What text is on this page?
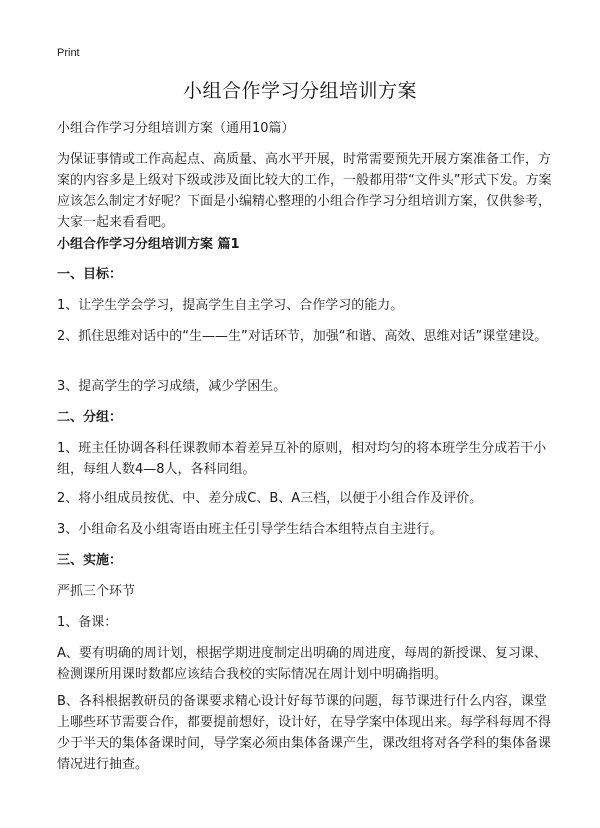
Print
小组合作学习分组培训方案

小组合作学习分组培训方案（通用10篇）

为保证事情或工作高起点、高质量、高水平开展，时常需要预先开展方案准备工作，方案的内容多是上级对下级或涉及面比较大的工作，一般都用带“文件头”形式下发。方案应该怎么制定才好呢？下面是小编精心整理的小组合作学习分组培训方案，仅供参考，大家一起来看看吧。

小组合作学习分组培训方案 篇1

一、目标：

1、让学生学会学习，提高学生自主学习、合作学习的能力。

2、抓住思维对话中的“生——生”对话环节，加强“和谐、高效、思维对话”课堂建设。

3、提高学生的学习成绩，减少学困生。

二、分组：

1、班主任协调各科任课教师本着差异互补的原则，相对均匀的将本班学生分成若干小组，每组人数4—8人，各科同组。

2、将小组成员按优、中、差分成C、B、A三档，以便于小组合作及评价。

3、小组命名及小组寄语由班主任引导学生结合本组特点自主进行。

三、实施：

严抓三个环节

1、备课：

A、要有明确的周计划，根据学期进度制定出明确的周进度，每周的新授课、复习课、检测课所用课时数都应该结合我校的实际情况在周计划中明确指明。

B、各科根据教研员的备课要求精心设计好每节课的问题，每节课进行什么内容，课堂上哪些环节需要合作，都要提前想好，设计好，在导学案中体现出来。每学科每周不得少于半天的集体备课时间，导学案必须由集体备课产生，课改组将对各学科的集体备课情况进行抽查。
